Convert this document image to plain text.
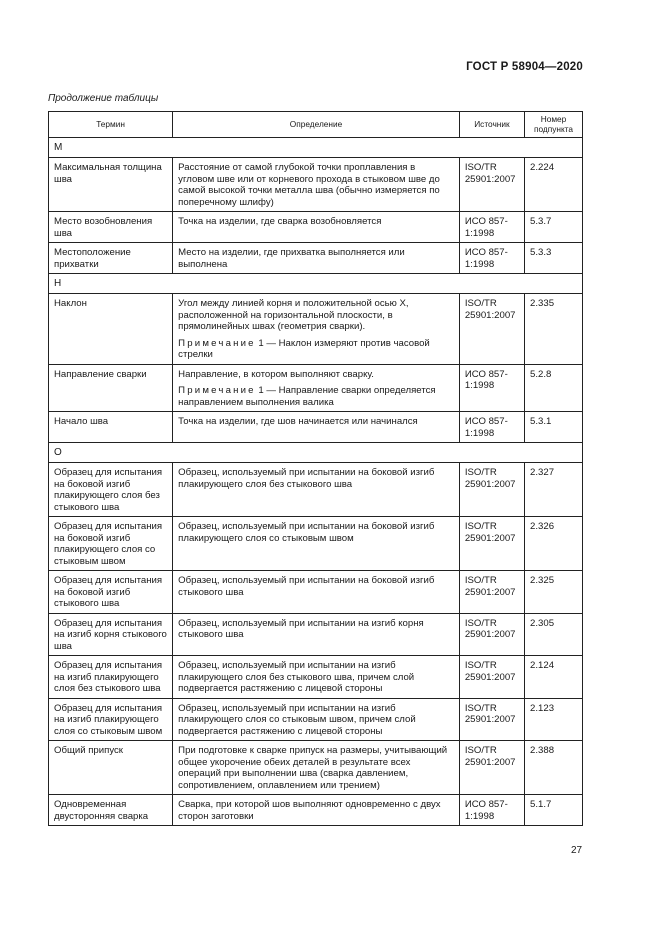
ГОСТ Р 58904—2020
Продолжение таблицы
Термин	Определение	Источник	Номер подпункта
М			
Максимальная толщина шва	Расстояние от самой глубокой точки проплавления в угловом шве или от корневого прохода в стыковом шве до самой высокой точки металла шва (обычно измеряется по поперечному шлифу)	ISO/TR 25901:2007	2.224
Место возобновления шва	Точка на изделии, где сварка возобновляется	ИСО 857-1:1998	5.3.7
Местоположение прихватки	Место на изделии, где прихватка выполняется или выполнена	ИСО 857-1:1998	5.3.3
Н			
Наклон	Угол между линией корня и положительной осью X, расположенной на горизонтальной плоскости, в прямолинейных швах (геометрия сварки).
Примечание 1 — Наклон измеряют против часовой стрелки	ISO/TR 25901:2007	2.335
Направление сварки	Направление, в котором выполняют сварку.
Примечание 1 — Направление сварки определяется направлением выполнения валика	ИСО 857-1:1998	5.2.8
Начало шва	Точка на изделии, где шов начинается или начинался	ИСО 857-1:1998	5.3.1
О			
Образец для испытания на боковой изгиб плакирующего слоя без стыкового шва	Образец, используемый при испытании на боковой изгиб плакирующего слоя без стыкового шва	ISO/TR 25901:2007	2.327
Образец для испытания на боковой изгиб плакирующего слоя со стыковым швом	Образец, используемый при испытании на боковой изгиб плакирующего слоя со стыковым швом	ISO/TR 25901:2007	2.326
Образец для испытания на боковой изгиб стыкового шва	Образец, используемый при испытании на боковой изгиб стыкового шва	ISO/TR 25901:2007	2.325
Образец для испытания на изгиб корня стыкового шва	Образец, используемый при испытании на изгиб корня стыкового шва	ISO/TR 25901:2007	2.305
Образец для испытания на изгиб плакирующего слоя без стыкового шва	Образец, используемый при испытании на изгиб плакирующего слоя без стыкового шва, причем слой подвергается растяжению с лицевой стороны	ISO/TR 25901:2007	2.124
Образец для испытания на изгиб плакирующего слоя со стыковым швом	Образец, используемый при испытании на изгиб плакирующего слоя со стыковым швом, причем слой подвергается растяжению с лицевой стороны	ISO/TR 25901:2007	2.123
Общий припуск	При подготовке к сварке припуск на размеры, учитывающий общее укорочение обеих деталей в результате всех операций при выполнении шва (сварка давлением, сопротивлением, оплавлением или трением)	ISO/TR 25901:2007	2.388
Одновременная двусторонняя сварка	Сварка, при которой шов выполняют одновременно с двух сторон заготовки	ИСО 857-1:1998	5.1.7
27
